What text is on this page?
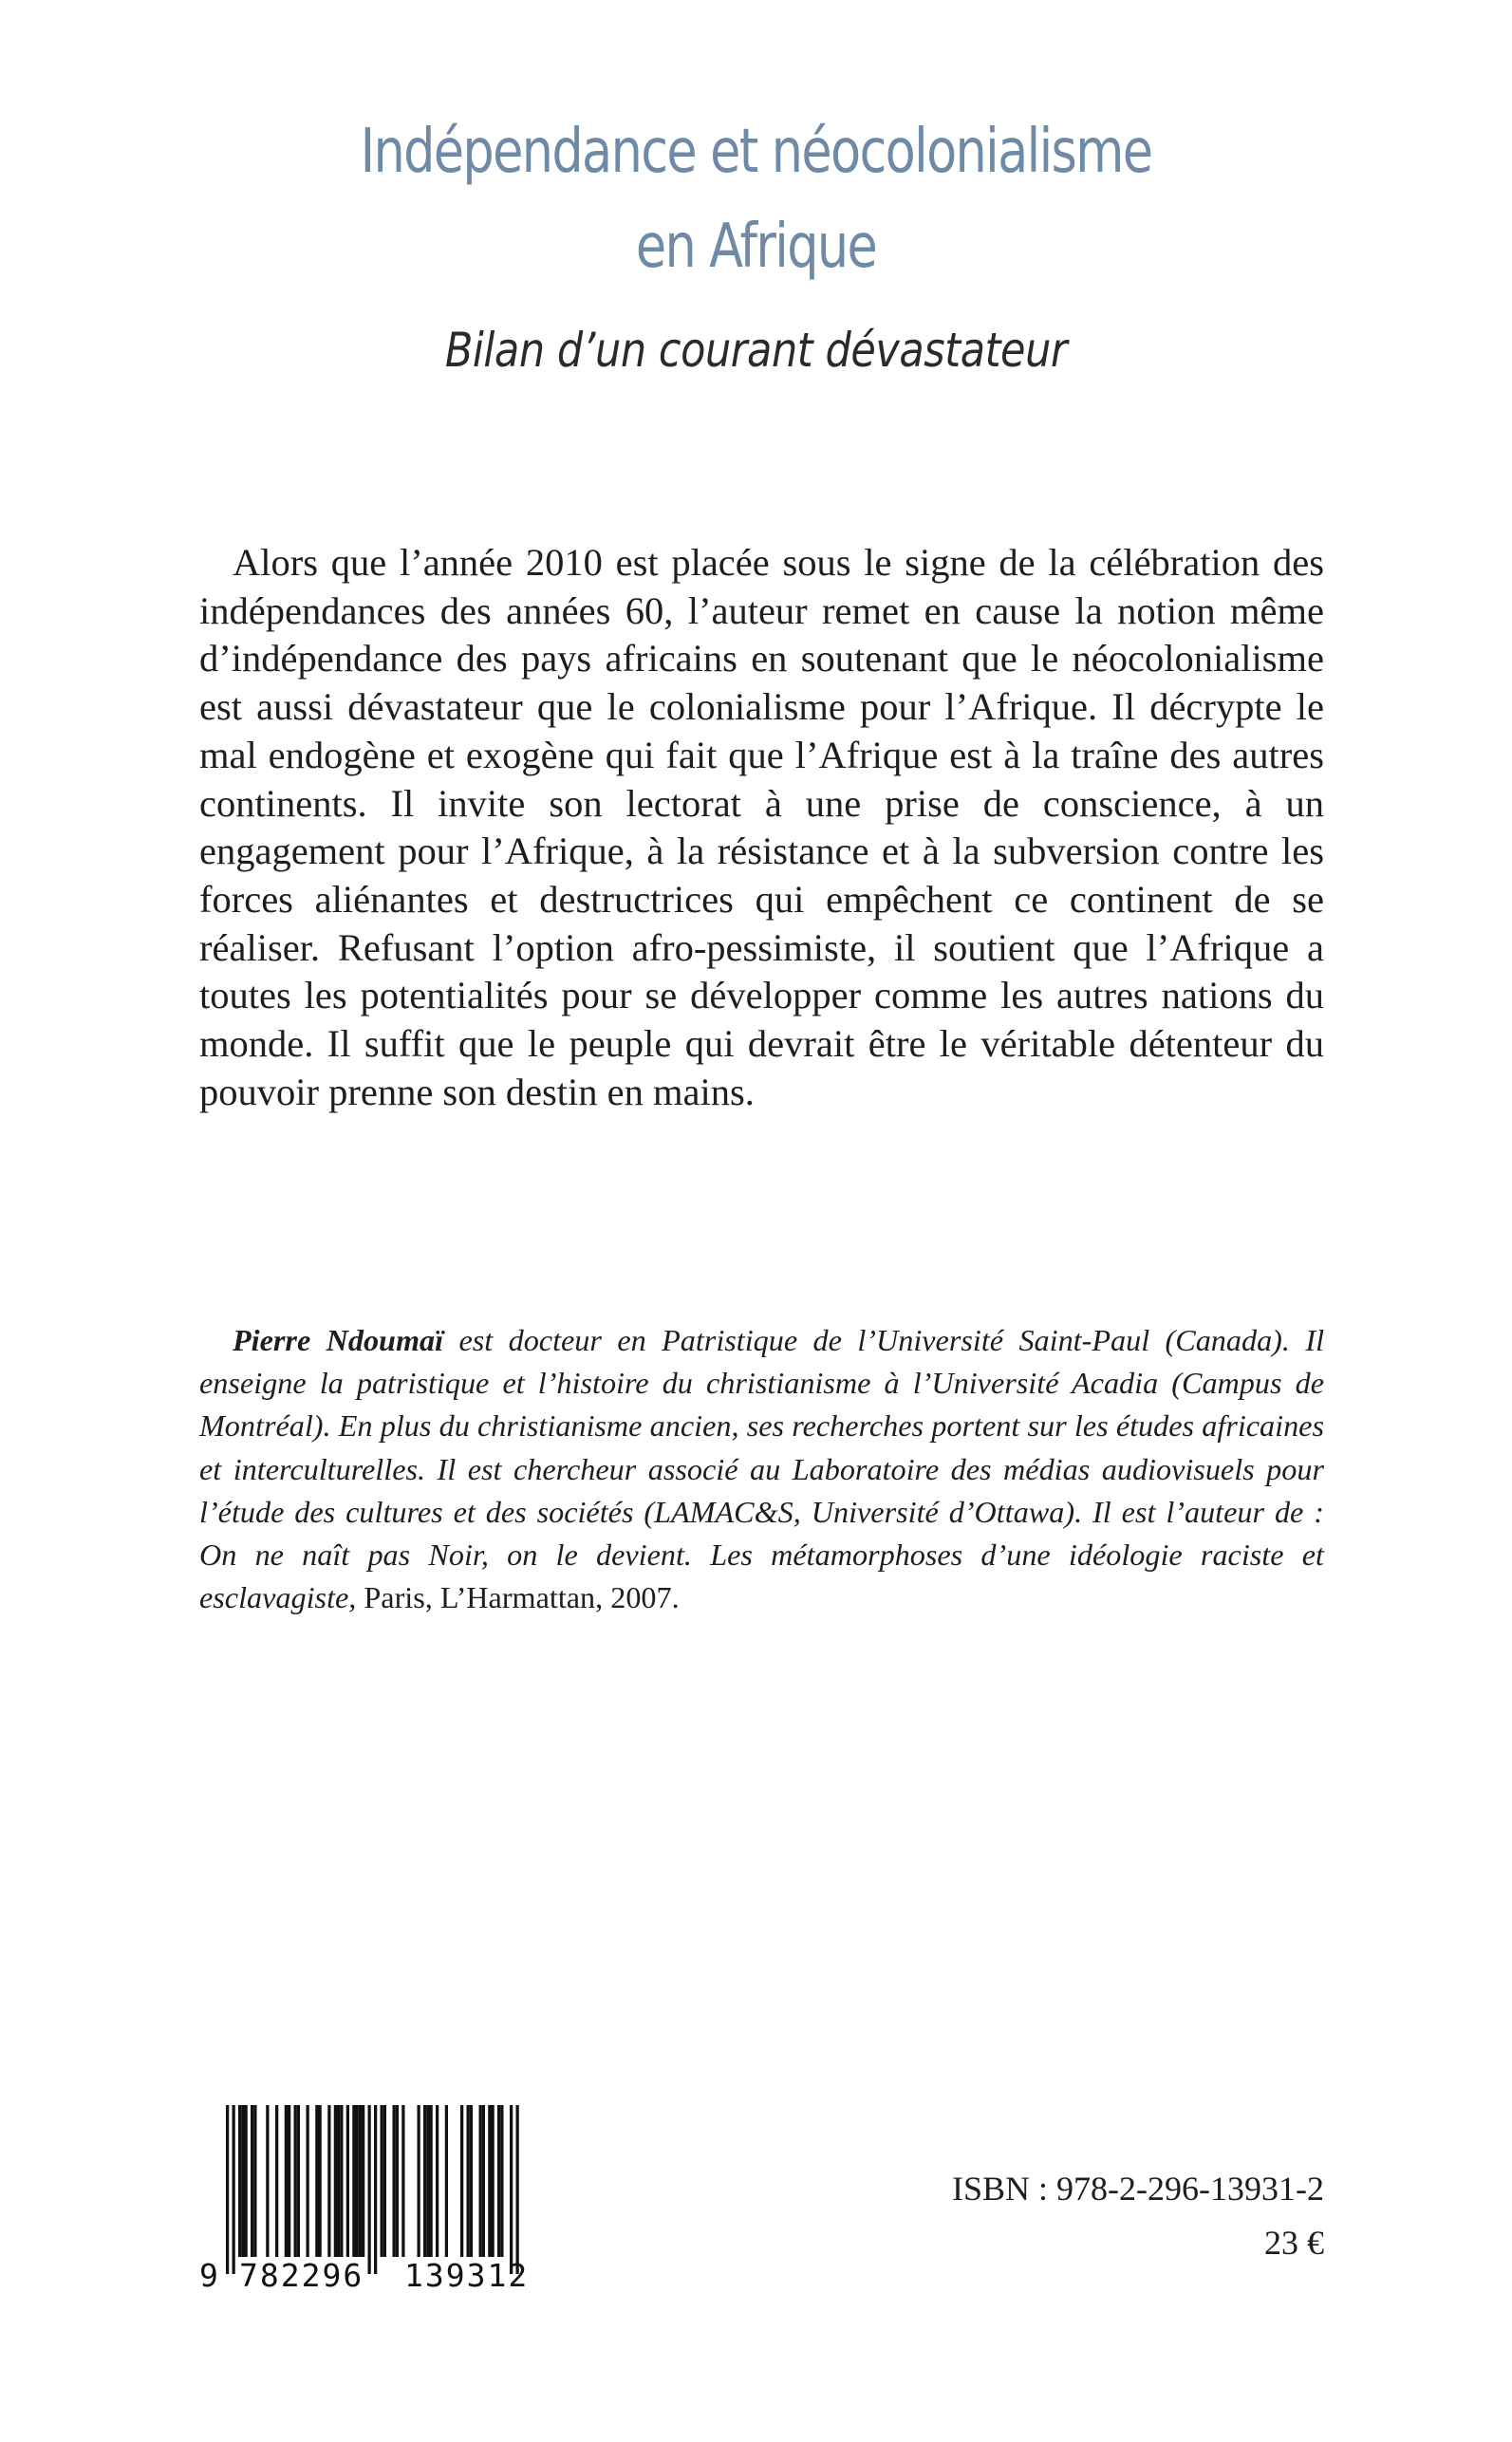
Indépendance et néocolonialisme
en Afrique
Bilan d’un courant dévastateur

Alors que l’année 2010 est placée sous le signe de la célébration des indépendances des années 60, l’auteur remet en cause la notion même d’indépendance des pays africains en soutenant que le néocolonialisme est aussi dévastateur que le colonialisme pour l’Afrique. Il décrypte le mal endogène et exogène qui fait que l’Afrique est à la traîne des autres continents. Il invite son lectorat à une prise de conscience, à un engagement pour l’Afrique, à la résistance et à la subversion contre les forces aliénantes et destructrices qui empêchent ce continent de se réaliser. Refusant l’option afro-pessimiste, il soutient que l’Afrique a toutes les potentialités pour se développer comme les autres nations du monde. Il suffit que le peuple qui devrait être le véritable détenteur du pouvoir prenne son destin en mains.

Pierre Ndoumaï est docteur en Patristique de l’Université Saint-Paul (Canada). Il enseigne la patristique et l’histoire du christianisme à l’Université Acadia (Campus de Montréal). En plus du christianisme ancien, ses recherches portent sur les études africaines et interculturelles. Il est chercheur associé au Laboratoire des médias audiovisuels pour l’étude des cultures et des sociétés (LAMAC&S, Université d’Ottawa). Il est l’auteur de : On ne naît pas Noir, on le devient. Les métamorphoses d’une idéologie raciste et esclavagiste, Paris, L’Harmattan, 2007.

9

782296

139312

ISBN : 978-2-296-13931-2
23 €
